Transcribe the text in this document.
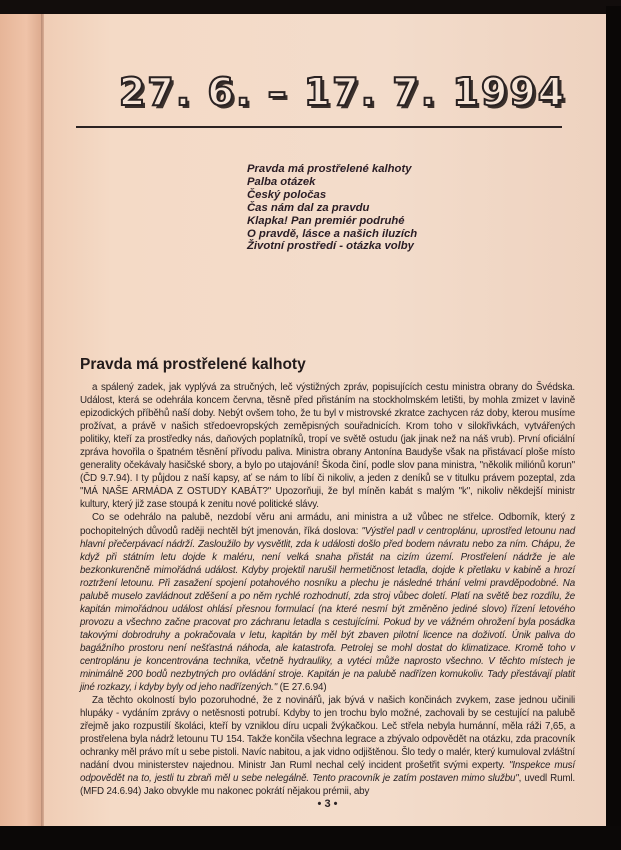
27. 6. – 17. 7. 1994
Pravda má prostřelené kalhoty
Palba otázek
Český poločas
Čas nám dal za pravdu
Klapka! Pan premiér podruhé
O pravdě, lásce a našich iluzích
Životní prostředí - otázka volby
Pravda má prostřelené kalhoty

a spálený zadek, jak vyplývá za stručných, leč výstižných zpráv, popisujících cestu ministra obrany do Švédska. Událost, která se odehrála koncem června, těsně před přistáním na stockholmském letišti, by mohla zmizet v lavině epizodických příběhů naší doby. Nebýt ovšem toho, že tu byl v mistrovské zkratce zachycen ráz doby, kterou musíme prožívat, a právě v našich středoevropských zeměpisných souřadnicích. Krom toho v silokřivkách, vytvářených politiky, kteří za prostředky nás, daňových poplatníků, tropí ve světě ostudu (jak jinak než na náš vrub). První oficiální zpráva hovořila o špatném těsnění přívodu paliva. Ministra obrany Antonína Baudyše však na přistávací ploše místo generality očekávaly hasičské sbory, a bylo po utajování! Škoda činí, podle slov pana ministra, "několik miliónů korun" (ČD 9.7.94). I ty půjdou z naší kapsy, ať se nám to líbí či nikoliv, a jeden z deníků se v titulku právem pozeptal, zda "MÁ NAŠE ARMÁDA Z OSTUDY KABÁT?" Upozorňuji, že byl míněn kabát s malým "k", nikoliv někdejší ministr kultury, který již zase stoupá k zenitu nové politické slávy.

Co se odehrálo na palubě, nezdobí věru ani armádu, ani ministra a už vůbec ne střelce. Odborník, který z pochopitelných důvodů raději nechtěl být jmenován, říká doslova: "Výstřel padl v centroplánu, uprostřed letounu nad hlavní přečerpávací nádrží. Zasloužilo by vysvětlit, zda k události došlo před bodem návratu nebo za ním. Chápu, že když při státním letu dojde k maléru, není velká snaha přistát na cizím území. Prostřelení nádrže je ale bezkonkurenčně mimořádná událost. Kdyby projektil narušil hermetičnost letadla, dojde k přetlaku v kabině a hrozí roztržení letounu. Při zasažení spojení potahového nosníku a plechu je následné trhání velmi pravděpodobné. Na palubě muselo zavládnout zděšení a po něm rychlé rozhodnutí, zda stroj vůbec doletí. Platí na světě bez rozdílu, že kapitán mimořádnou událost ohlásí přesnou formulací (na které nesmí být změněno jediné slovo) řízení letového provozu a všechno začne pracovat pro záchranu letadla s cestujícími. Pokud by ve vážném ohrožení byla posádka takovými dobrodruhy a pokračovala v letu, kapitán by měl být zbaven pilotní licence na doživotí. Únik paliva do bagážního prostoru není nešťastná náhoda, ale katastrofa. Petrolej se mohl dostat do klimatizace. Kromě toho v centroplánu je koncentrována technika, včetně hydrauliky, a vytéci může naprosto všechno. V těchto místech je minimálně 200 bodů nezbytných pro ovládání stroje. Kapitán je na palubě nadřízen komukoliv. Tady přestávají platit jiné rozkazy, i kdyby byly od jeho nadřízených." (E 27.6.94)

Za těchto okolností bylo pozoruhodné, že z novinářů, jak bývá v našich končinách zvykem, zase jednou učinili hlupáky - vydáním zprávy o netěsnosti potrubí. Kdyby to jen trochu bylo možné, zachovali by se cestující na palubě zřejmě jako rozpustilí školáci, kteří by vzniklou díru ucpali žvýkačkou. Leč střela nebyla humánní, měla ráži 7,65, a prostřelena byla nádrž letounu TU 154. Takže končila všechna legrace a zbývalo odpovědět na otázku, zda pracovník ochranky měl právo mít u sebe pistoli. Navíc nabitou, a jak vidno odjištěnou. Šlo tedy o malér, který kumuloval zvláštní nadání dvou ministerstev najednou. Ministr Jan Ruml nechal celý incident prošetřit svými experty. "Inspekce musí odpovědět na to, jestli tu zbraň měl u sebe nelegálně. Tento pracovník je zatím postaven mimo službu", uvedl Ruml. (MFD 24.6.94) Jako obvykle mu nakonec pokrátí nějakou prémii, aby

• 3 •
